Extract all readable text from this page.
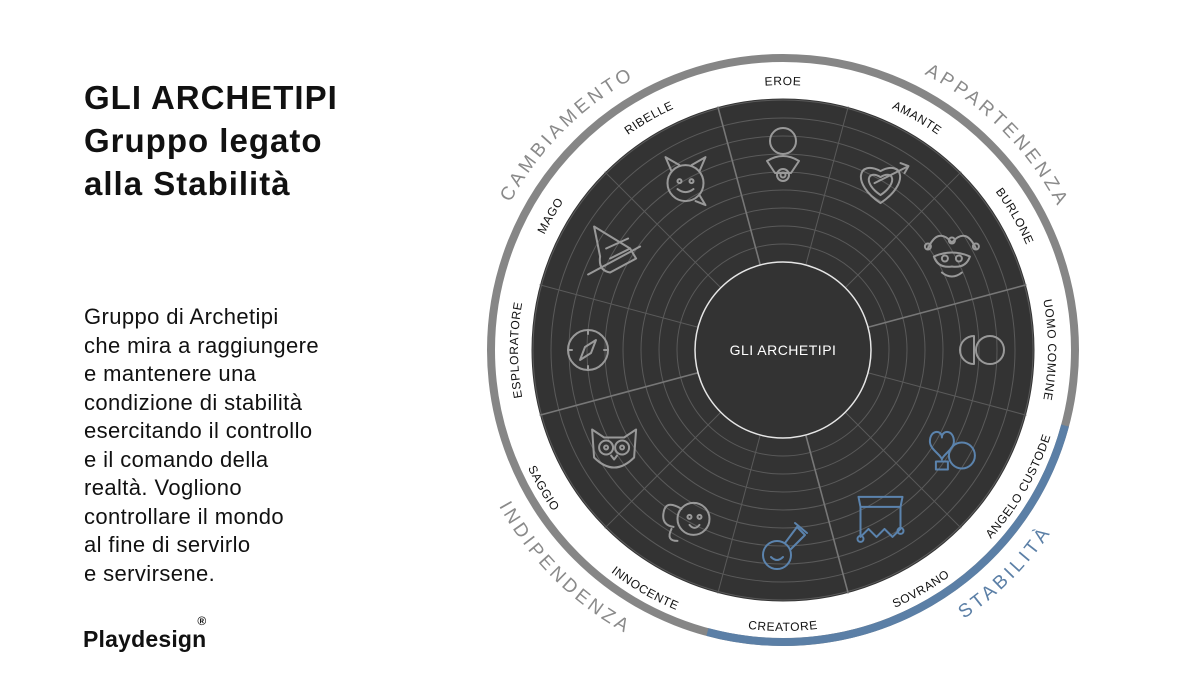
GLI ARCHETIPI
Gruppo legato
alla Stabilità
Gruppo di Archetipi
che mira a raggiungere
e mantenere una
condizione di stabilità
esercitando il controllo
e il comando della
realtà. Vogliono
controllare il mondo
al fine di servirlo
e servirsene.
Playdesign
®
EROE
AMANTE
BURLONE
UOMO COMUNE
ANGELO CUSTODE
SOVRANO
CREATORE
INNOCENTE
SAGGIO
ESPLORATORE
MAGO
RIBELLE
CAMBIAMENTO	APPARTENENZA
STABILITÀ
INDIPENDENZA
GLI ARCHETIPI
